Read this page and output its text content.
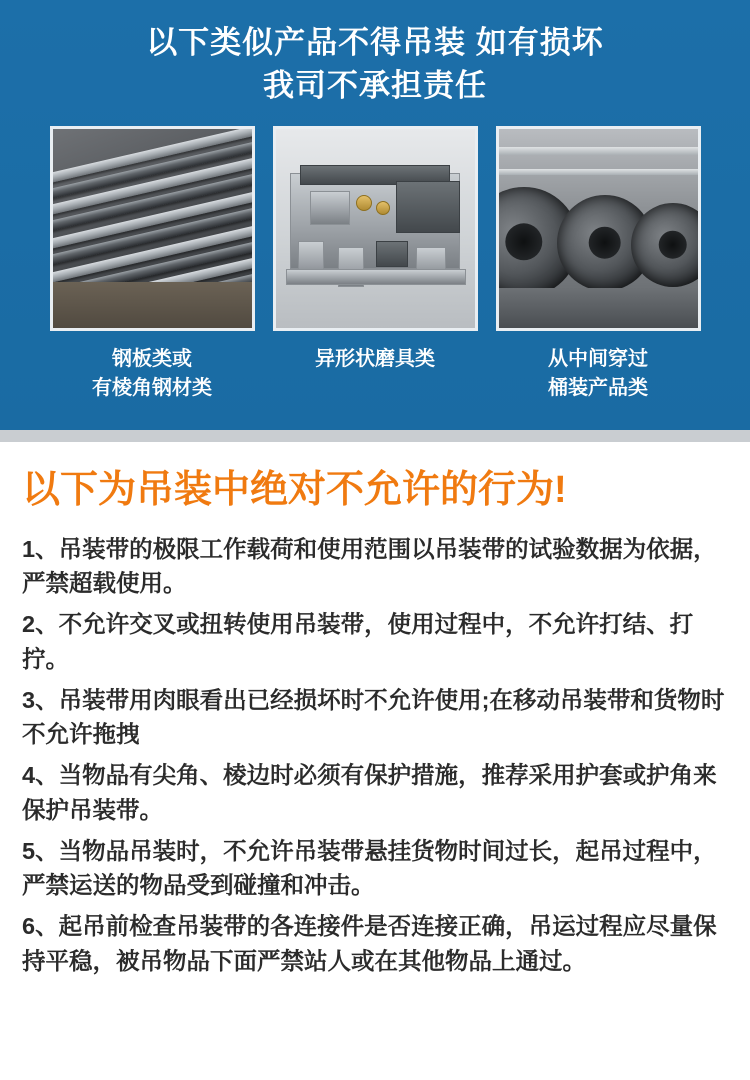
以下类似产品不得吊装 如有损坏
我司不承担责任
钢板类或
有棱角钢材类
异形状磨具类	从中间穿过
桶装产品类
以下为吊装中绝对不允许的行为!

1、吊装带的极限工作载荷和使用范围以吊装带的试验数据为依据，严禁超载使用。

2、不允许交叉或扭转使用吊装带，使用过程中，不允许打结、打拧。

3、吊装带用肉眼看出已经损坏时不允许使用;在移动吊装带和货物时不允许拖拽

4、当物品有尖角、棱边时必须有保护措施，推荐采用护套或护角来保护吊装带。

5、当物品吊装时，不允许吊装带悬挂货物时间过长，起吊过程中，严禁运送的物品受到碰撞和冲击。

6、起吊前检查吊装带的各连接件是否连接正确，吊运过程应尽量保持平稳，被吊物品下面严禁站人或在其他物品上通过。
